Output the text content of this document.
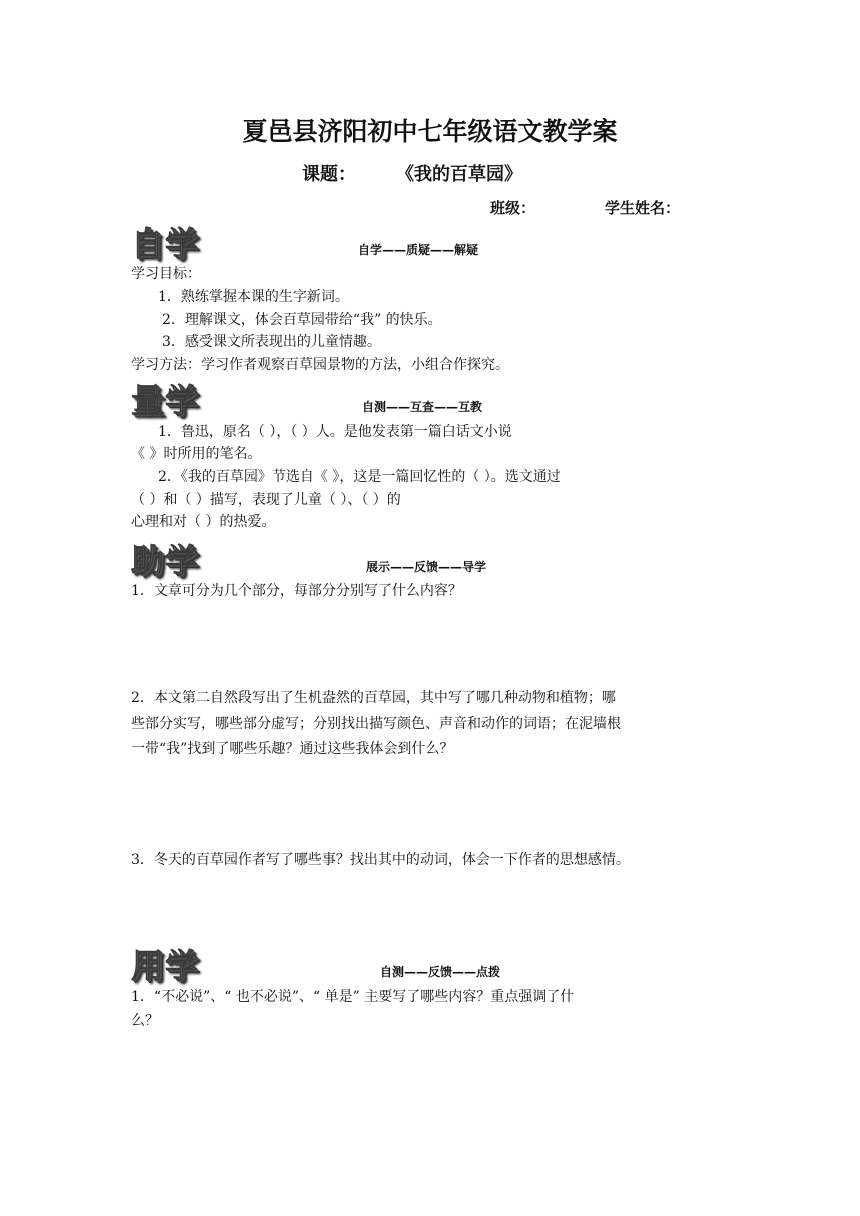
夏邑县济阳初中七年级语文教学案
课题： 《我的百草园》
班级：	学生姓名：
自学	自学——质疑——解疑
学习目标：
1．熟练掌握本课的生字新词。
2．理解课文，体会百草园带给“我” 的快乐。
3．感受课文所表现出的儿童情趣。
学习方法：学习作者观察百草园景物的方法，小组合作探究。
量学	自测——互查——互教
1．鲁迅，原名（ ），（ ）人。是他发表第一篇白话文小说
《 》时所用的笔名。
2．《我的百草园》节选自《 》，这是一篇回忆性的（ ）。选文通过
（ ）和（ ）描写，表现了儿童（ ）、（ ）的
心理和对（ ）的热爱。
助学	展示——反馈——导学
1．文章可分为几个部分，每部分分别写了什么内容？
2．本文第二自然段写出了生机盎然的百草园，其中写了哪几种动物和植物；哪
些部分实写，哪些部分虚写；分别找出描写颜色、声音和动作的词语；在泥墙根
一带“我”找到了哪些乐趣？通过这些我体会到什么？
3．冬天的百草园作者写了哪些事？找出其中的动词，体会一下作者的思想感情。
用学	自测——反馈——点拨
1．“不必说”、“ 也不必说”、“ 单是” 主要写了哪些内容？重点强调了什
么？
